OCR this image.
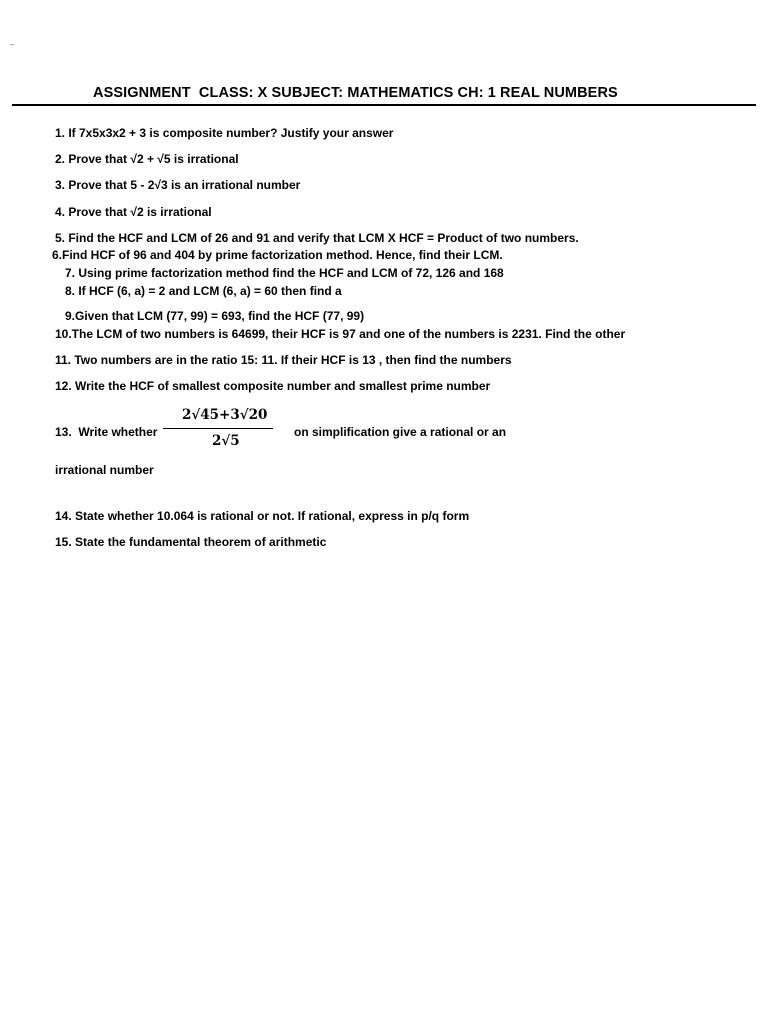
–
ASSIGNMENT  CLASS: X SUBJECT: MATHEMATICS CH: 1 REAL NUMBERS
1. If 7x5x3x2 + 3 is composite number? Justify your answer
2. Prove that √2 + √5 is irrational
3. Prove that 5 - 2√3 is an irrational number
4. Prove that √2 is irrational
5. Find the HCF and LCM of 26 and 91 and verify that LCM X HCF = Product of two numbers.
6.Find HCF of 96 and 404 by prime factorization method. Hence, find their LCM.
7. Using prime factorization method find the HCF and LCM of 72, 126 and 168
8. If HCF (6, a) = 2 and LCM (6, a) = 60 then find a
9.Given that LCM (77, 99) = 693, find the HCF (77, 99)
10.The LCM of two numbers is 64699, their HCF is 97 and one of the numbers is 2231. Find the other
11. Two numbers are in the ratio 15: 11. If their HCF is 13 , then find the numbers
12. Write the HCF of smallest composite number and smallest prime number
13.  Write whether
2√45+3√20
2√5
on simplification give a rational or an
irrational number
14. State whether 10.064 is rational or not. If rational, express in p/q form
15. State the fundamental theorem of arithmetic
